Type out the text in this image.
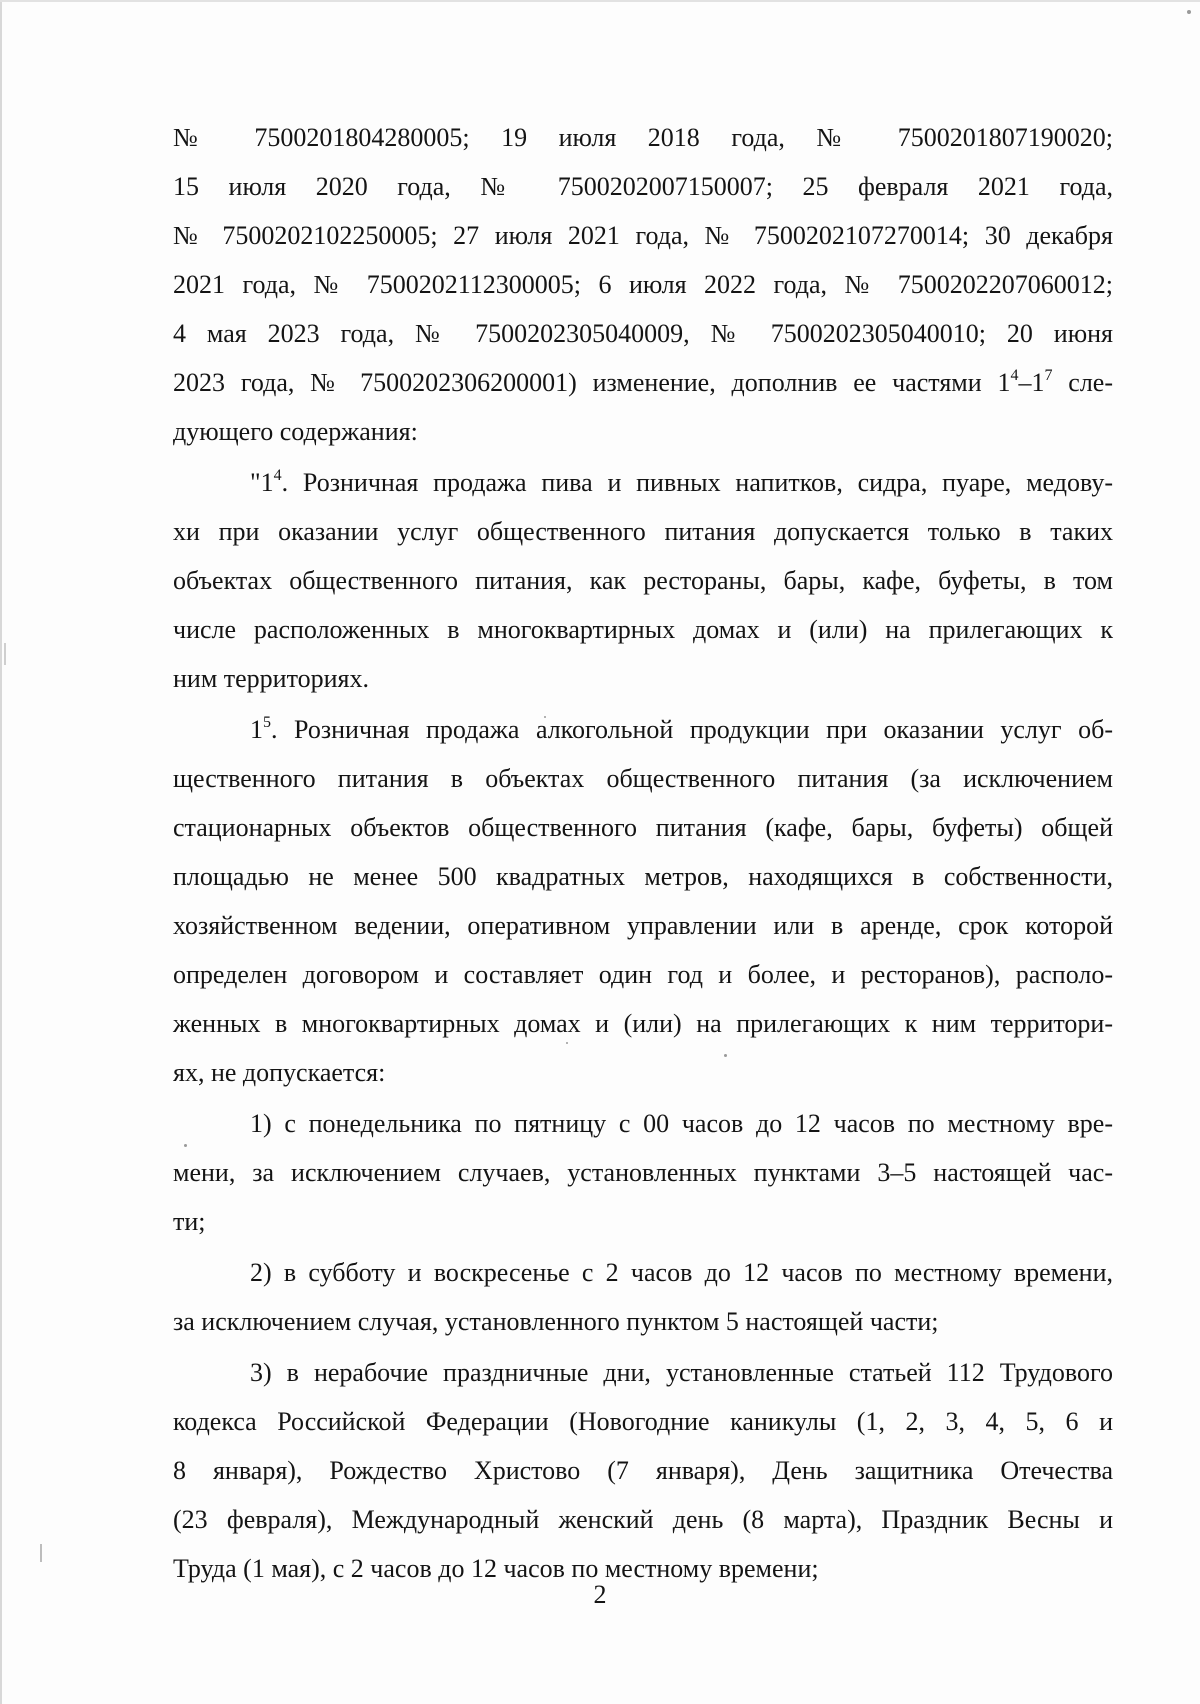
№ 7500201804280005; 19 июля 2018 года, № 7500201807190020;

15 июля 2020 года, № 7500202007150007; 25 февраля 2021 года,

№ 7500202102250005; 27 июля 2021 года, № 7500202107270014; 30 декабря

2021 года, № 7500202112300005; 6 июля 2022 года, № 7500202207060012;

4 мая 2023 года, № 7500202305040009, № 7500202305040010; 20 июня

2023 года, № 7500202306200001) изменение, дополнив ее частями $1^4-1^7$ сле-

дующего содержания:

"$1^4$. Розничная продажа пива и пивных напитков, сидра, пуаре, медову-

хи при оказании услуг общественного питания допускается только в таких

объектах общественного питания, как рестораны, бары, кафе, буфеты, в том

числе расположенных в многоквартирных домах и (или) на прилегающих к

ним территориях.

$1^5$. Розничная продажа алкогольной продукции при оказании услуг об-

щественного питания в объектах общественного питания (за исключением

стационарных объектов общественного питания (кафе, бары, буфеты) общей

площадью не менее 500 квадратных метров, находящихся в собственности,

хозяйственном ведении, оперативном управлении или в аренде, срок которой

определен договором и составляет один год и более, и ресторанов), располо-

женных в многоквартирных домах и (или) на прилегающих к ним территори-

ях, не допускается:

1) с понедельника по пятницу с 00 часов до 12 часов по местному вре-

мени, за исключением случаев, установленных пунктами 3–5 настоящей час-

ти;

2) в субботу и воскресенье с 2 часов до 12 часов по местному времени,

за исключением случая, установленного пунктом 5 настоящей части;

3) в нерабочие праздничные дни, установленные статьей 112 Трудового

кодекса Российской Федерации (Новогодние каникулы (1, 2, 3, 4, 5, 6 и

8 января), Рождество Христово (7 января), День защитника Отечества

(23 февраля), Международный женский день (8 марта), Праздник Весны и

Труда (1 мая), с 2 часов до 12 часов по местному времени;

2
